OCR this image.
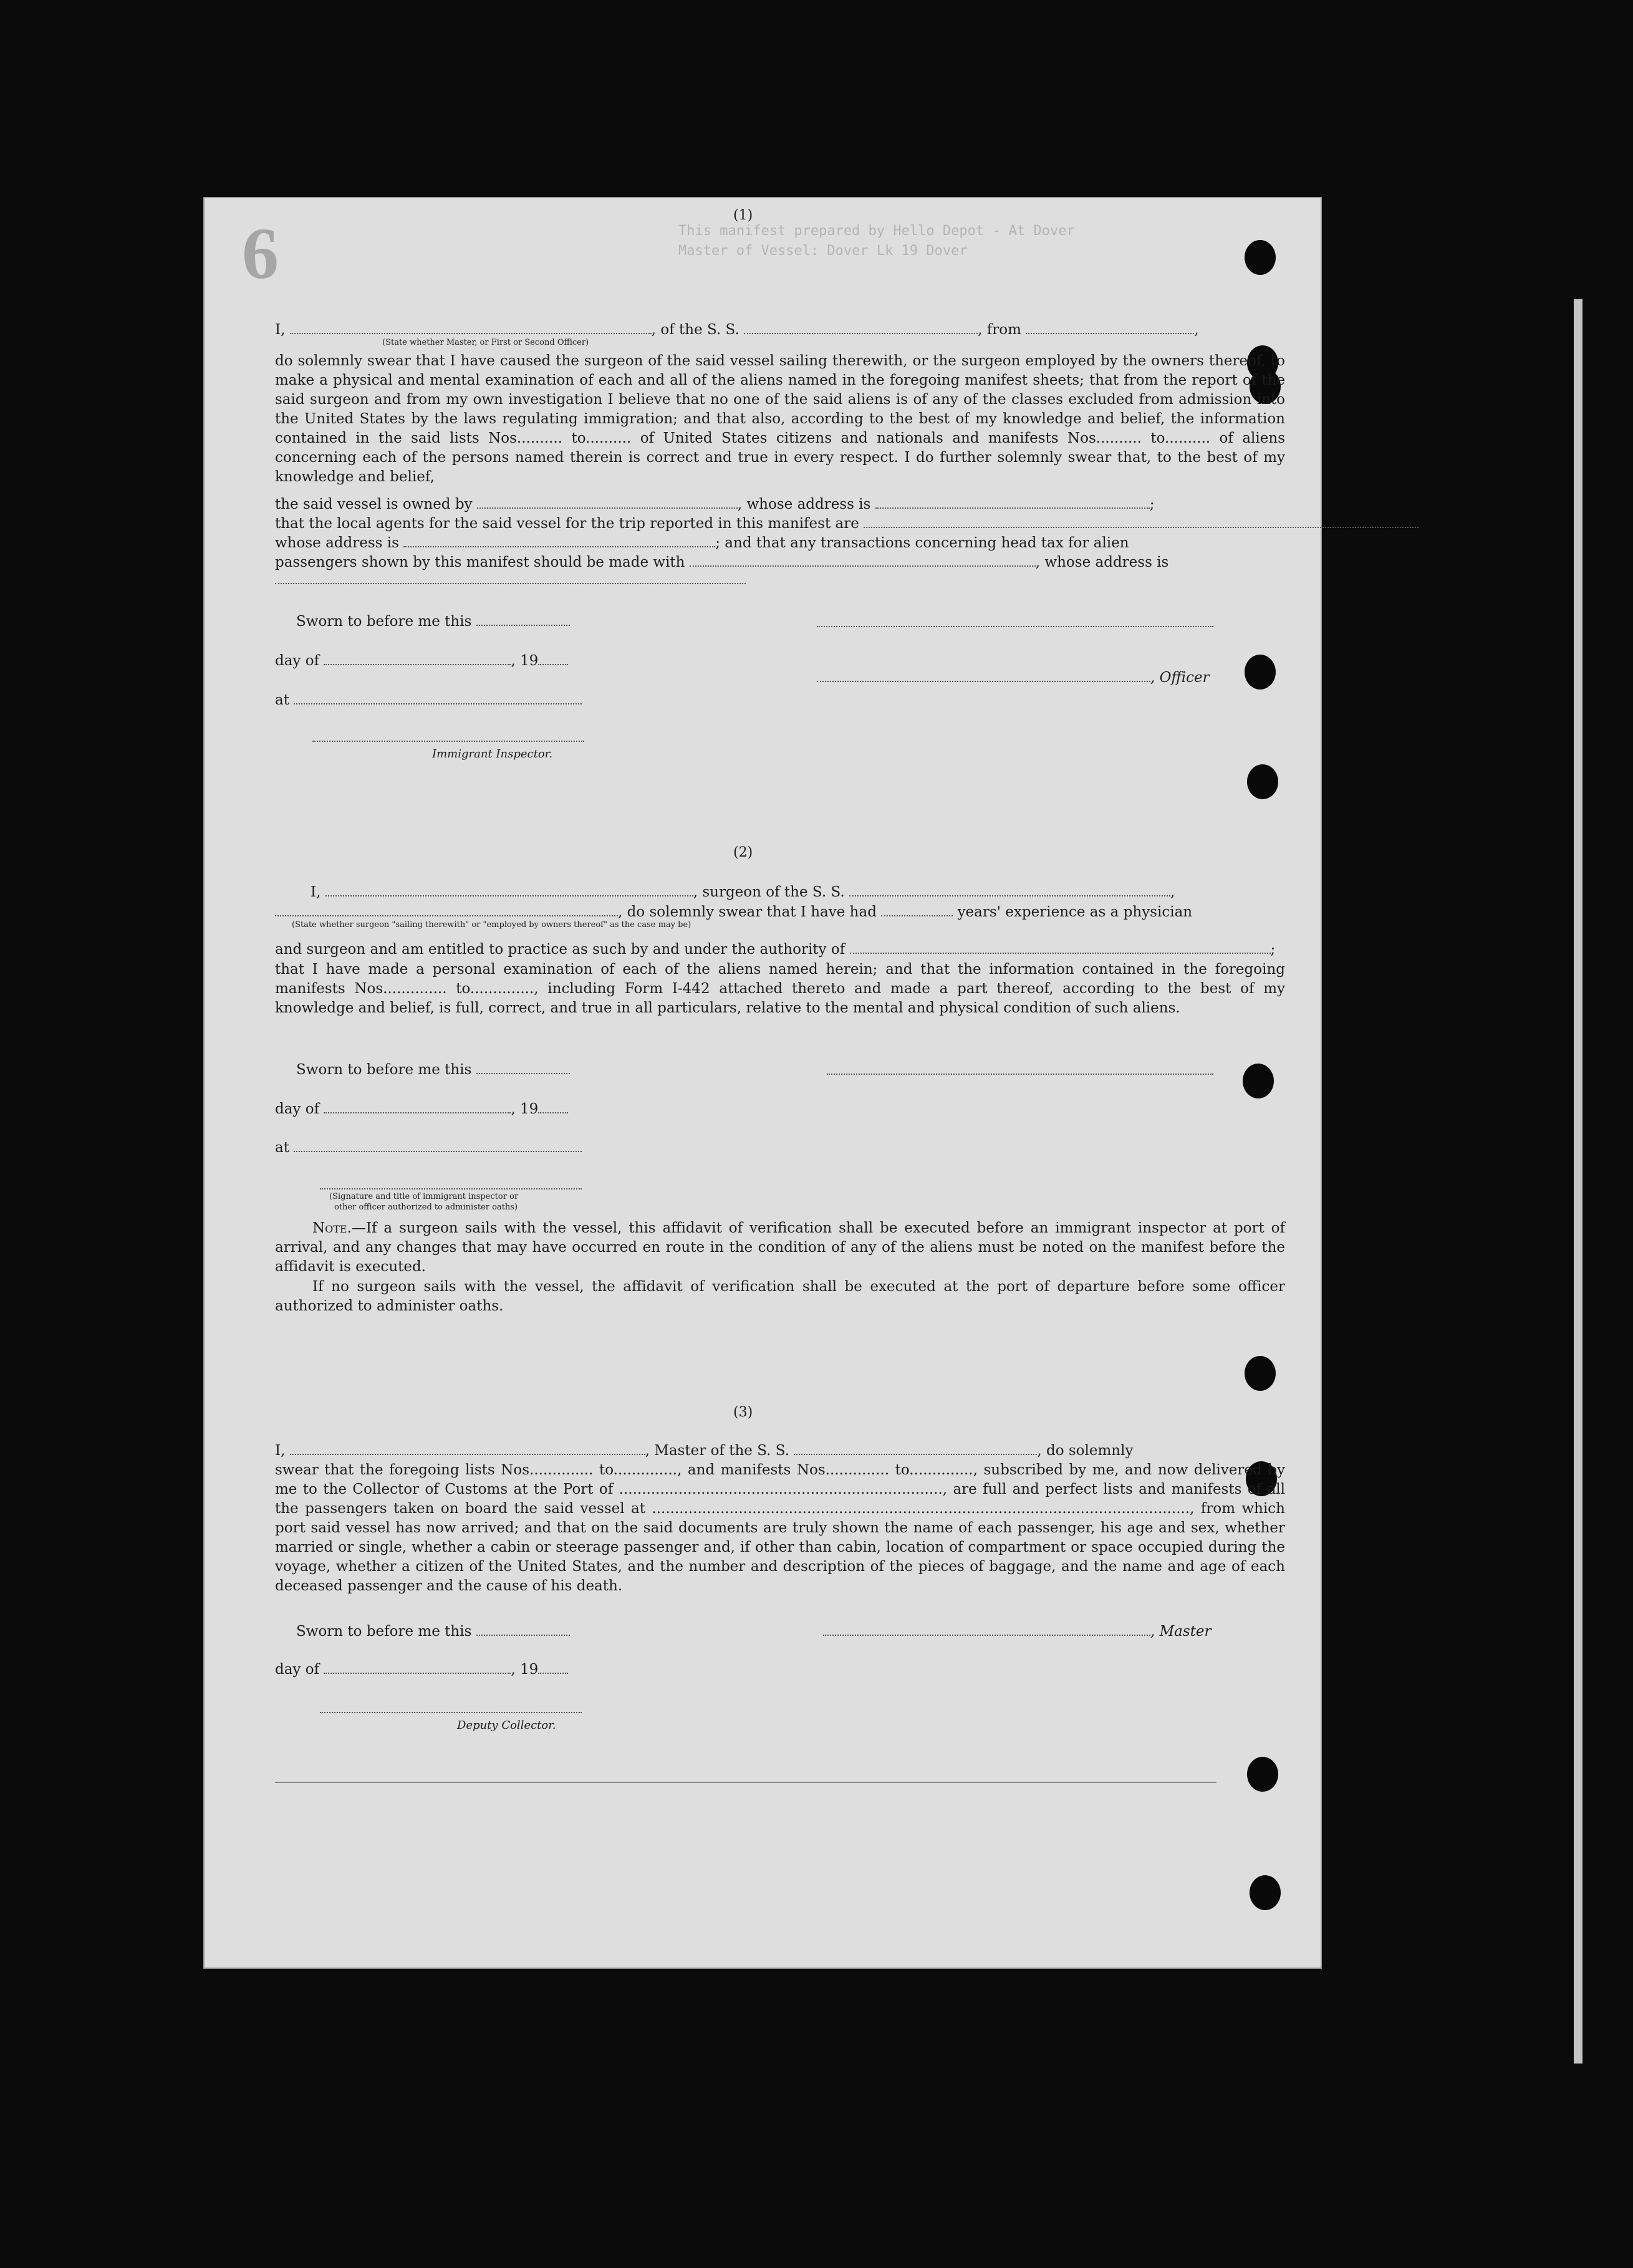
6	This manifest prepared by Hello Depot - At Dover
Master of Vessel: Dover Lk 19 Dover
(1)
I,	, of the S. S.	, from	,
(State whether Master, or First or Second Officer)
do solemnly swear that I have caused the surgeon of the said vessel sailing therewith, or the surgeon employed by the owners thereof, to make a physical and mental examination of each and all of the aliens named in the foregoing manifest sheets; that from the report of the said surgeon and from my own investigation I believe that no one of the said aliens is of any of the classes excluded from admission into the United States by the laws regulating immigration; and that also, according to the best of my knowledge and belief, the information contained in the said lists Nos.......... to.......... of United States citizens and nationals and manifests Nos.......... to.......... of aliens concerning each of the persons named therein is correct and true in every respect. I do further solemnly swear that, to the best of my knowledge and belief,
the said vessel is owned by	, whose address is	;
that the local agents for the said vessel for the trip reported in this manifest are
whose address is	; and that any transactions concerning head tax for alien
passengers shown by this manifest should be made with	, whose address is
Sworn to before me this
day of	, 19
, Officer
at
Immigrant Inspector.
(2)
I,	, surgeon of the S. S.	,
, do solemnly swear that I have had	years' experience as a physician
(State whether surgeon "sailing therewith" or "employed by owners thereof" as the case may be)
and surgeon and am entitled to practice as such by and under the authority of	;
that I have made a personal examination of each of the aliens named herein; and that the information contained in the foregoing manifests Nos.............. to.............., including Form I-442 attached thereto and made a part thereof, according to the best of my knowledge and belief, is full, correct, and true in all particulars, relative to the mental and physical condition of such aliens.
Sworn to before me this
day of	, 19
at
(Signature and title of immigrant inspector or
other officer authorized to administer oaths)
Note.—If a surgeon sails with the vessel, this affidavit of verification shall be executed before an immigrant inspector at port of arrival, and any changes that may have occurred en route in the condition of any of the aliens must be noted on the manifest before the affidavit is executed.
If no surgeon sails with the vessel, the affidavit of verification shall be executed at the port of departure before some officer authorized to administer oaths.
(3)
I,	, Master of the S. S.	, do solemnly
swear that the foregoing lists Nos.............. to.............., and manifests Nos.............. to.............., subscribed by me, and now delivered by me to the Collector of Customs at the Port of ......................................................................., are full and perfect lists and manifests of all the passengers taken on board the said vessel at ......................................................................................................................, from which port said vessel has now arrived; and that on the said documents are truly shown the name of each passenger, his age and sex, whether married or single, whether a cabin or steerage passenger and, if other than cabin, location of compartment or space occupied during the voyage, whether a citizen of the United States, and the number and description of the pieces of baggage, and the name and age of each deceased passenger and the cause of his death.
Sworn to before me this	, Master
day of	, 19
Deputy Collector.
